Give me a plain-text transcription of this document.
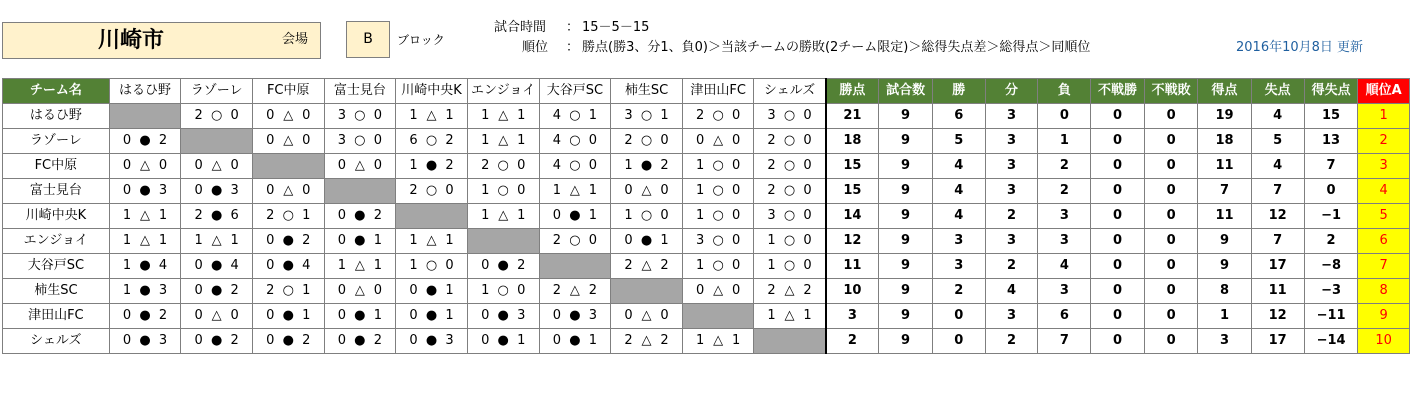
川崎市	会場	B	ブロック
試合時間 ： 15－5－15
順位 ： 勝点(勝3、分1、負0)＞当該チームの勝敗(2チーム限定)＞総得失点差＞総得点＞同順位	2016年10月8日 更新
チーム名	はるひ野	ラゾーレ	FC中原	富士見台	川崎中央K	エンジョイ	大谷戸SC	柿生SC	津田山FC	シェルズ	勝点	試合数	勝	分	負	不戦勝	不戦敗	得点	失点	得失点	順位A
はるひ野		2 ○ 0	0 △ 0	3 ○ 0	1 △ 1	1 △ 1	4 ○ 1	3 ○ 1	2 ○ 0	3 ○ 0	21	9	6	3	0	0	0	19	4	15	1
ラゾーレ	0 ● 2		0 △ 0	3 ○ 0	6 ○ 2	1 △ 1	4 ○ 0	2 ○ 0	0 △ 0	2 ○ 0	18	9	5	3	1	0	0	18	5	13	2
FC中原	0 △ 0	0 △ 0		0 △ 0	1 ● 2	2 ○ 0	4 ○ 0	1 ● 2	1 ○ 0	2 ○ 0	15	9	4	3	2	0	0	11	4	7	3
富士見台	0 ● 3	0 ● 3	0 △ 0		2 ○ 0	1 ○ 0	1 △ 1	0 △ 0	1 ○ 0	2 ○ 0	15	9	4	3	2	0	0	7	7	0	4
川崎中央K	1 △ 1	2 ● 6	2 ○ 1	0 ● 2		1 △ 1	0 ● 1	1 ○ 0	1 ○ 0	3 ○ 0	14	9	4	2	3	0	0	11	12	−1	5
エンジョイ	1 △ 1	1 △ 1	0 ● 2	0 ● 1	1 △ 1		2 ○ 0	0 ● 1	3 ○ 0	1 ○ 0	12	9	3	3	3	0	0	9	7	2	6
大谷戸SC	1 ● 4	0 ● 4	0 ● 4	1 △ 1	1 ○ 0	0 ● 2		2 △ 2	1 ○ 0	1 ○ 0	11	9	3	2	4	0	0	9	17	−8	7
柿生SC	1 ● 3	0 ● 2	2 ○ 1	0 △ 0	0 ● 1	1 ○ 0	2 △ 2		0 △ 0	2 △ 2	10	9	2	4	3	0	0	8	11	−3	8
津田山FC	0 ● 2	0 △ 0	0 ● 1	0 ● 1	0 ● 1	0 ● 3	0 ● 3	0 △ 0		1 △ 1	3	9	0	3	6	0	0	1	12	−11	9
シェルズ	0 ● 3	0 ● 2	0 ● 2	0 ● 2	0 ● 3	0 ● 1	0 ● 1	2 △ 2	1 △ 1		2	9	0	2	7	0	0	3	17	−14	10
